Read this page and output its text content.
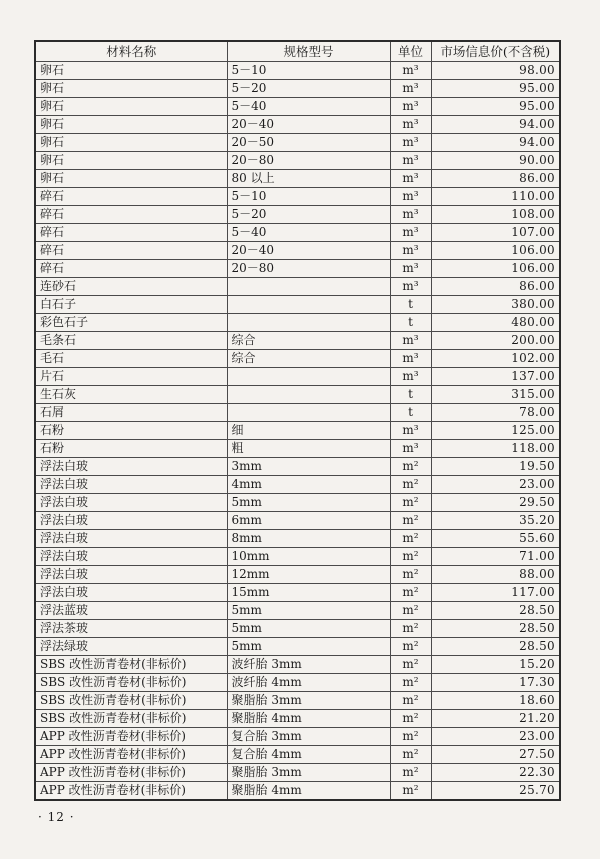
材料名称	规格型号	单位	市场信息价(不含税)
卵石	5－10	m³	98.00
卵石	5－20	m³	95.00
卵石	5－40	m³	95.00
卵石	20－40	m³	94.00
卵石	20－50	m³	94.00
卵石	20－80	m³	90.00
卵石	80 以上	m³	86.00
碎石	5－10	m³	110.00
碎石	5－20	m³	108.00
碎石	5－40	m³	107.00
碎石	20－40	m³	106.00
碎石	20－80	m³	106.00
连砂石		m³	86.00
白石子		t	380.00
彩色石子		t	480.00
毛条石	综合	m³	200.00
毛石	综合	m³	102.00
片石		m³	137.00
生石灰		t	315.00
石屑		t	78.00
石粉	细	m³	125.00
石粉	粗	m³	118.00
浮法白玻	3mm	m²	19.50
浮法白玻	4mm	m²	23.00
浮法白玻	5mm	m²	29.50
浮法白玻	6mm	m²	35.20
浮法白玻	8mm	m²	55.60
浮法白玻	10mm	m²	71.00
浮法白玻	12mm	m²	88.00
浮法白玻	15mm	m²	117.00
浮法蓝玻	5mm	m²	28.50
浮法茶玻	5mm	m²	28.50
浮法绿玻	5mm	m²	28.50
SBS 改性沥青卷材(非标价)	波纤胎 3mm	m²	15.20
SBS 改性沥青卷材(非标价)	波纤胎 4mm	m²	17.30
SBS 改性沥青卷材(非标价)	聚脂胎 3mm	m²	18.60
SBS 改性沥青卷材(非标价)	聚脂胎 4mm	m²	21.20
APP 改性沥青卷材(非标价)	复合胎 3mm	m²	23.00
APP 改性沥青卷材(非标价)	复合胎 4mm	m²	27.50
APP 改性沥青卷材(非标价)	聚脂胎 3mm	m²	22.30
APP 改性沥青卷材(非标价)	聚脂胎 4mm	m²	25.70
· 12 ·
